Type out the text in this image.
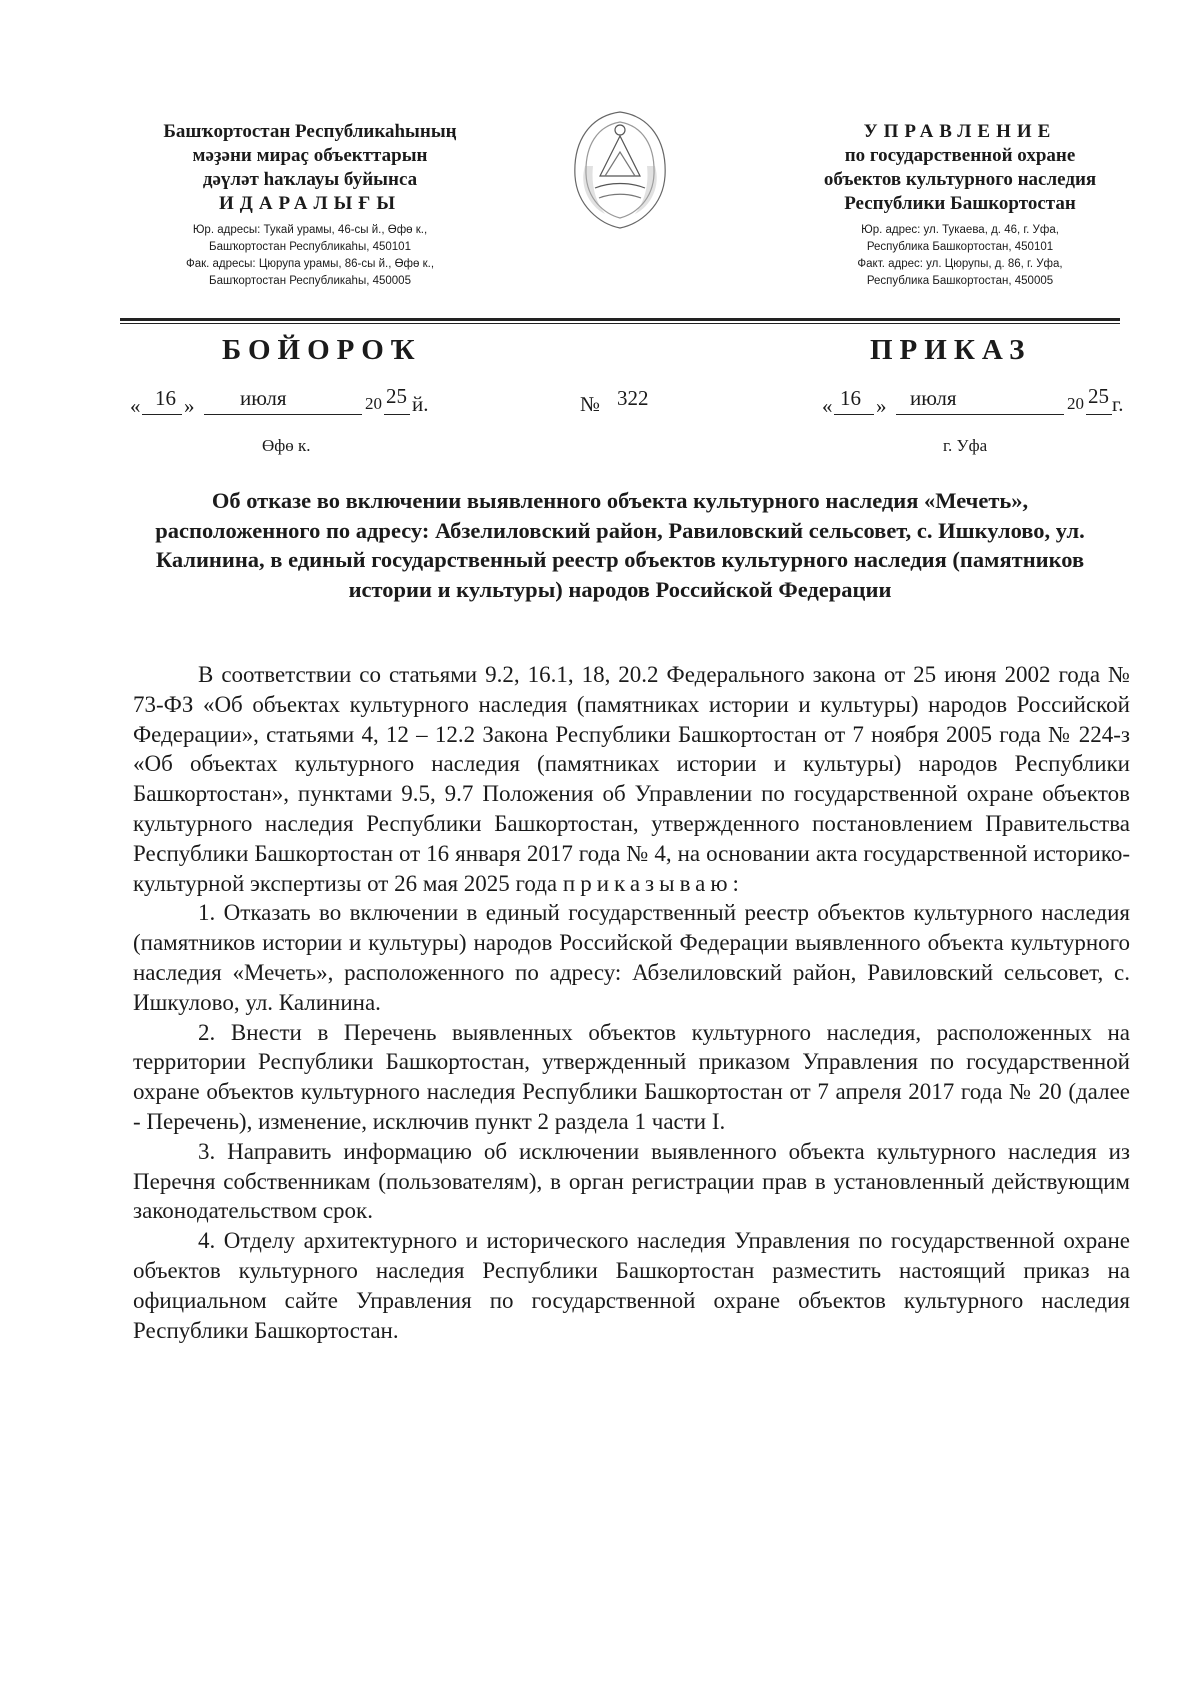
Башҡортостан Республикаһының
мәҙәни мираҫ объекттарын
дәүләт һаҡлауы буйынса
ИДАРАЛЫҒЫ
Юр. адресы: Тукай урамы, 46-сы й., Өфө к.,
Башҡортостан Республикаһы, 450101
Фак. адресы: Цюрупа урамы, 86-сы й., Өфө к.,
Башҡортостан Республикаһы, 450005
УПРАВЛЕНИЕ
по государственной охране
объектов культурного наследия
Республики Башкортостан
Юр. адрес: ул. Тукаева, д. 46, г. Уфа,
Республика Башкортостан, 450101
Факт. адрес: ул. Цюрупы, д. 86, г. Уфа,
Республика Башкортостан, 450005
БОЙОРОҠ	ПРИКАЗ
« 16 » июля	20 25 й.	№ 322	« 16 » июля	20 25 г.
Өфө к.	г. Уфа
Об отказе во включении выявленного объекта культурного наследия «Мечеть», расположенного по адресу: Абзелиловский район, Равиловский сельсовет, с. Ишкулово, ул. Калинина, в единый государственный реестр объектов культурного наследия (памятников истории и культуры) народов Российской Федерации

В соответствии со статьями 9.2, 16.1, 18, 20.2 Федерального закона от 25 июня 2002 года № 73-ФЗ «Об объектах культурного наследия (памятниках истории и культуры) народов Российской Федерации», статьями 4, 12 – 12.2 Закона Республики Башкортостан от 7 ноября 2005 года № 224-з «Об объектах культурного наследия (памятниках истории и культуры) народов Республики Башкортостан», пунктами 9.5, 9.7 Положения об Управлении по государственной охране объектов культурного наследия Республики Башкортостан, утвержденного постановлением Правительства Республики Башкортостан от 16 января 2017 года № 4, на основании акта государственной историко-культурной экспертизы от 26 мая 2025 года приказываю:

1. Отказать во включении в единый государственный реестр объектов культурного наследия (памятников истории и культуры) народов Российской Федерации выявленного объекта культурного наследия «Мечеть», расположенного по адресу: Абзелиловский район, Равиловский сельсовет, с. Ишкулово, ул. Калинина.

2. Внести в Перечень выявленных объектов культурного наследия, расположенных на территории Республики Башкортостан, утвержденный приказом Управления по государственной охране объектов культурного наследия Республики Башкортостан от 7 апреля 2017 года № 20 (далее - Перечень), изменение, исключив пункт 2 раздела 1 части I.

3. Направить информацию об исключении выявленного объекта культурного наследия из Перечня собственникам (пользователям), в орган регистрации прав в установленный действующим законодательством срок.

4. Отделу архитектурного и исторического наследия Управления по государственной охране объектов культурного наследия Республики Башкортостан разместить настоящий приказ на официальном сайте Управления по государственной охране объектов культурного наследия Республики Башкортостан.
